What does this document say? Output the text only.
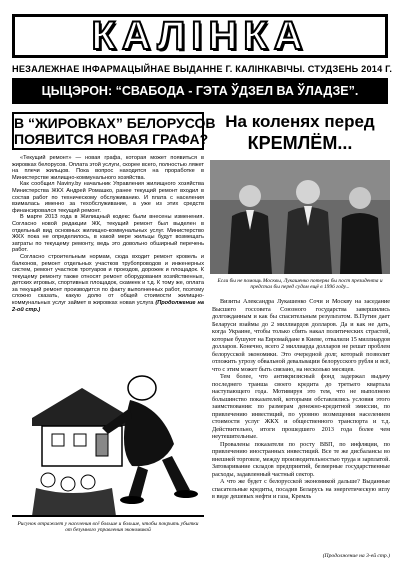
КАЛІНКА
НЕЗАЛЕЖНАЕ ІНФАРМАЦЫЙНАЕ ВЫДАННЕ Г. КАЛІНКАВІЧЫ. СТУДЗЕНЬ 2014 Г.
ЦЫЦЭРОН: “СВАБОДА - ГЭТА ЎДЗЕЛ ВА ЎЛАДЗЕ”.
В “ЖИРОВКАХ” БЕЛОРУСОВ
ПОЯВИТСЯ НОВАЯ ГРАФА?

«Текущий ремонт» — новая графа, которая может появиться в жировках белорусов. Оплата этой услуги, скорее всего, полностью ляжет на плечи жильцов. Пока вопрос находится на проработке в Министерстве жилищно-коммунального хозяйства.

Как сообщил Naviny.by начальник Управления жилищного хозяйства Министерства ЖКХ Андрей Ромашко, ранее текущий ремонт входил в состав работ по техническому обслуживанию. И плата с населения взималась именно за техобслуживание, а уже из этих средств финансировался текущий ремонт.

В марте 2013 года в Жилищный кодекс были внесены изменения. Согласно новой редакции ЖК, текущий ремонт был выделен в отдельный вид основных жилищно-коммунальных услуг. Министерство ЖКХ пока не определилось, в какой мере жильцы будут возмещать затраты по текущему ремонту, ведь это довольно обширный перечень работ.

Согласно строительным нормам, сюда входит ремонт кровель и балконов, ремонт отдельных участков трубопроводов и инженерных систем, ремонт участков тротуаров и проездов, дорожек и площадок. К текущему ремонту также относят ремонт оборудования хозяйственных, детских игровых, спортивных площадок, скамеек и т.д. К тому же, оплата за текущий ремонт производится по факту выполненных работ, поэтому сложно сказать, какую долю от общей стоимости жилищно-коммунальных услуг займет в жировках новая услуга (Продолжение на 2-ой стр.)

Рисунок отражает у населения всё больше и больше, чтобы покрыть убытки от безумного управления экономикой
На коленях перед
КРЕМЛЁМ...
Если бы не помощь Москвы, Лукашенко потерял бы пост президента и предстал бы перед судом ещё в 1996 году...

Визиты Александра Лукашенко Сочи и Москву на заседание Высшего госсовета Союзного государства завершились долгожданным и как бы спасительным результатом. В.Путин дает Беларуси взаймы до 2 миллиардов долларов. Да и как не дать, когда Украине, чтобы только сбить накал политических страстей, которые бушуют на Евромайдане в Киеве, отвалили 15 миллиардов долларов. Конечно, всего 2 миллиарда долларов не решат проблем белорусской экономики. Это очередной долг, который позволит отложить угрозу обвальной девальвации белорусского рубля и всё, что с этим может быть связано, на несколько месяцев.

Тем более, что антикризисный фонд задержал выдачу последнего транша своего кредита до третьего квартала наступающего года. Мотивируя это тем, что не выполнено большинство показателей, которыми обставлялись условия этого заимствования: по размерам денежно-кредитной эмиссии, по привлечению инвестиций, по уровню возмещения населением стоимости услуг ЖКХ и общественного транспорта и т.д. Действительно, итоги прошедшего 2013 года более чем неутешительные.

Провалены показатели по росту ВВП, по инфляции, по привлечению иностранных инвестиций. Все те же дисбалансы во внешней торговле, между производительностью труда и зарплатой. Затоваривание складов предприятий, безмерные государственные расходы, задавленный частный сектор.

А что же будет с белорусской экономикой дальше? Выданные спасательные кредиты, посадив Беларусь на энергетическую иглу в виде дешевых нефти и газа, Кремль

(Продолжение на 3-ей стр.)
